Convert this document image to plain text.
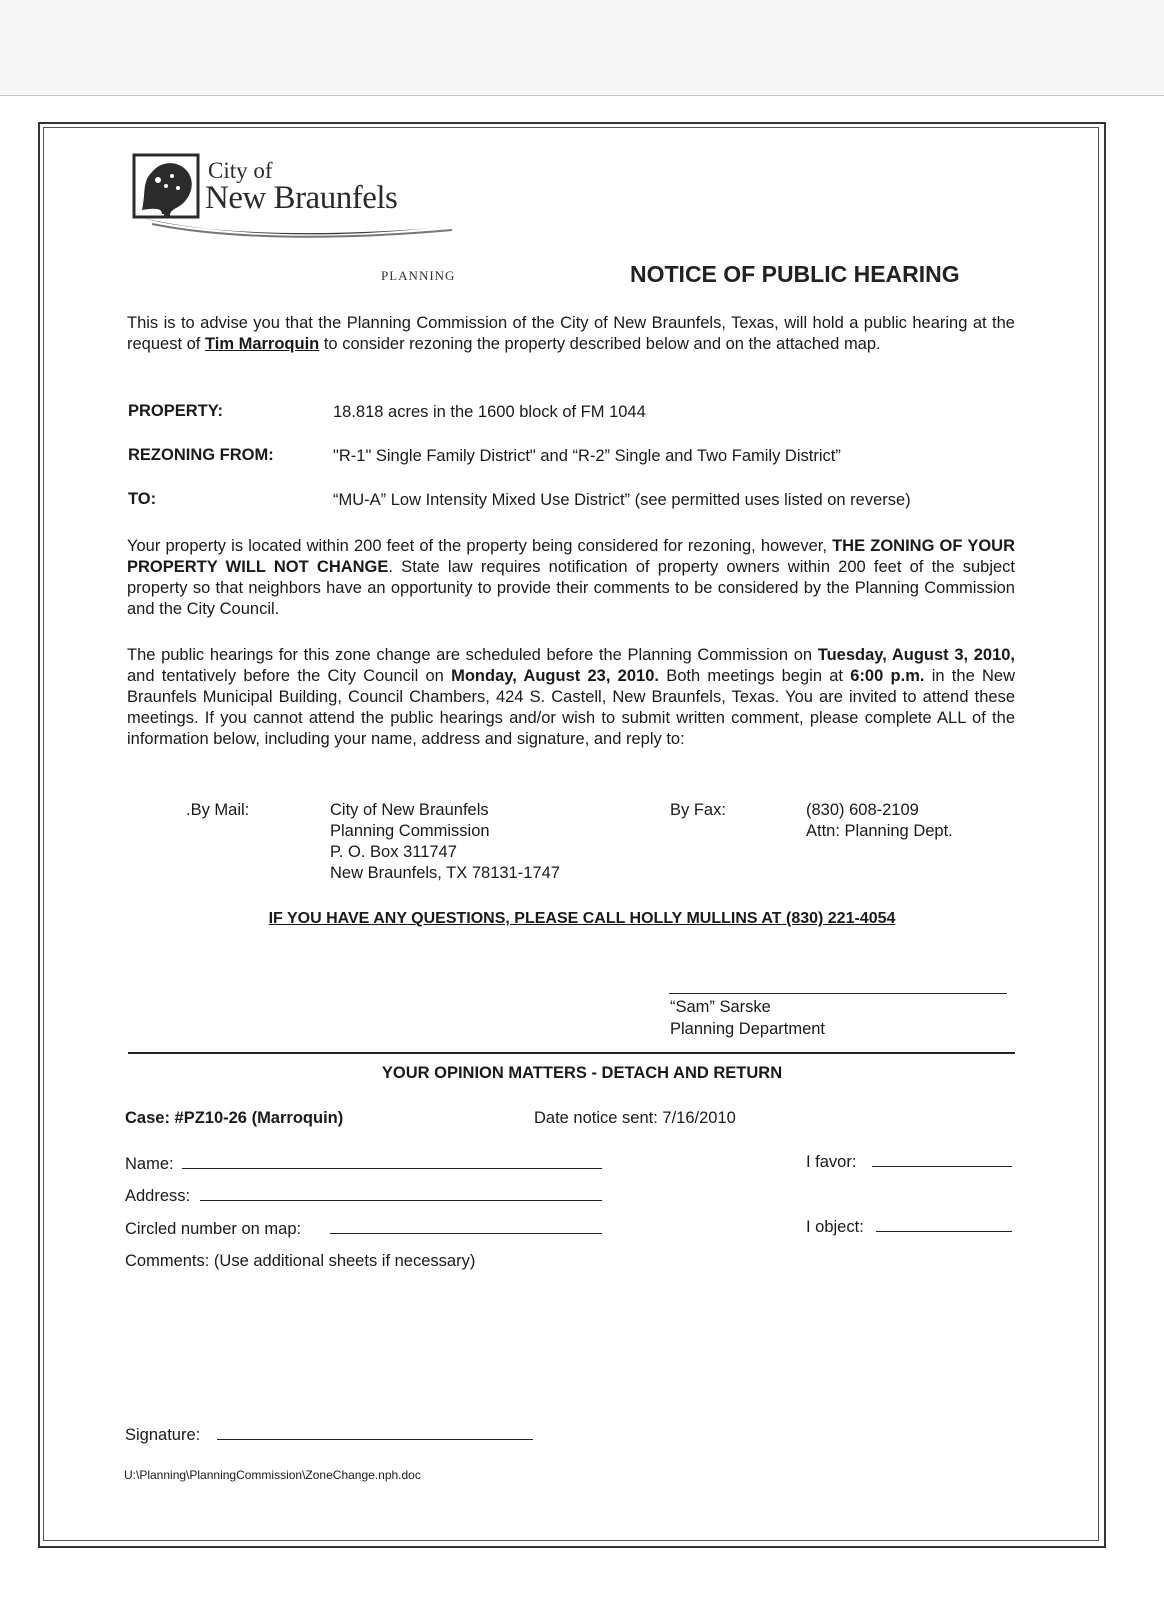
City of
New Braunfels
PLANNING	NOTICE OF PUBLIC HEARING
This is to advise you that the Planning Commission of the City of New Braunfels, Texas, will hold a public hearing at the request of Tim Marroquin to consider rezoning the property described below and on the attached map.
PROPERTY:	18.818 acres in the 1600 block of FM 1044
REZONING FROM:	"R-1" Single Family District" and “R-2” Single and Two Family District”
TO:	“MU-A” Low Intensity Mixed Use District” (see permitted uses listed on reverse)
Your property is located within 200 feet of the property being considered for rezoning, however, THE ZONING OF YOUR PROPERTY WILL NOT CHANGE. State law requires notification of property owners within 200 feet of the subject property so that neighbors have an opportunity to provide their comments to be considered by the Planning Commission and the City Council.
The public hearings for this zone change are scheduled before the Planning Commission on Tuesday, August 3, 2010, and tentatively before the City Council on Monday, August 23, 2010. Both meetings begin at 6:00 p.m. in the New Braunfels Municipal Building, Council Chambers, 424 S. Castell, New Braunfels, Texas. You are invited to attend these meetings. If you cannot attend the public hearings and/or wish to submit written comment, please complete ALL of the information below, including your name, address and signature, and reply to:
.By Mail:	City of New Braunfels
Planning Commission
P. O. Box 311747
New Braunfels, TX 78131-1747
By Fax:	(830) 608-2109
Attn: Planning Dept.
IF YOU HAVE ANY QUESTIONS, PLEASE CALL HOLLY MULLINS AT (830) 221-4054
“Sam” Sarske
Planning Department
YOUR OPINION MATTERS - DETACH AND RETURN
Case: #PZ10-26 (Marroquin)	Date notice sent: 7/16/2010
Name:
Address:
Circled number on map:
Comments: (Use additional sheets if necessary)
I favor:
I object:
Signature:
U:\Planning\PlanningCommission\ZoneChange.nph.doc
